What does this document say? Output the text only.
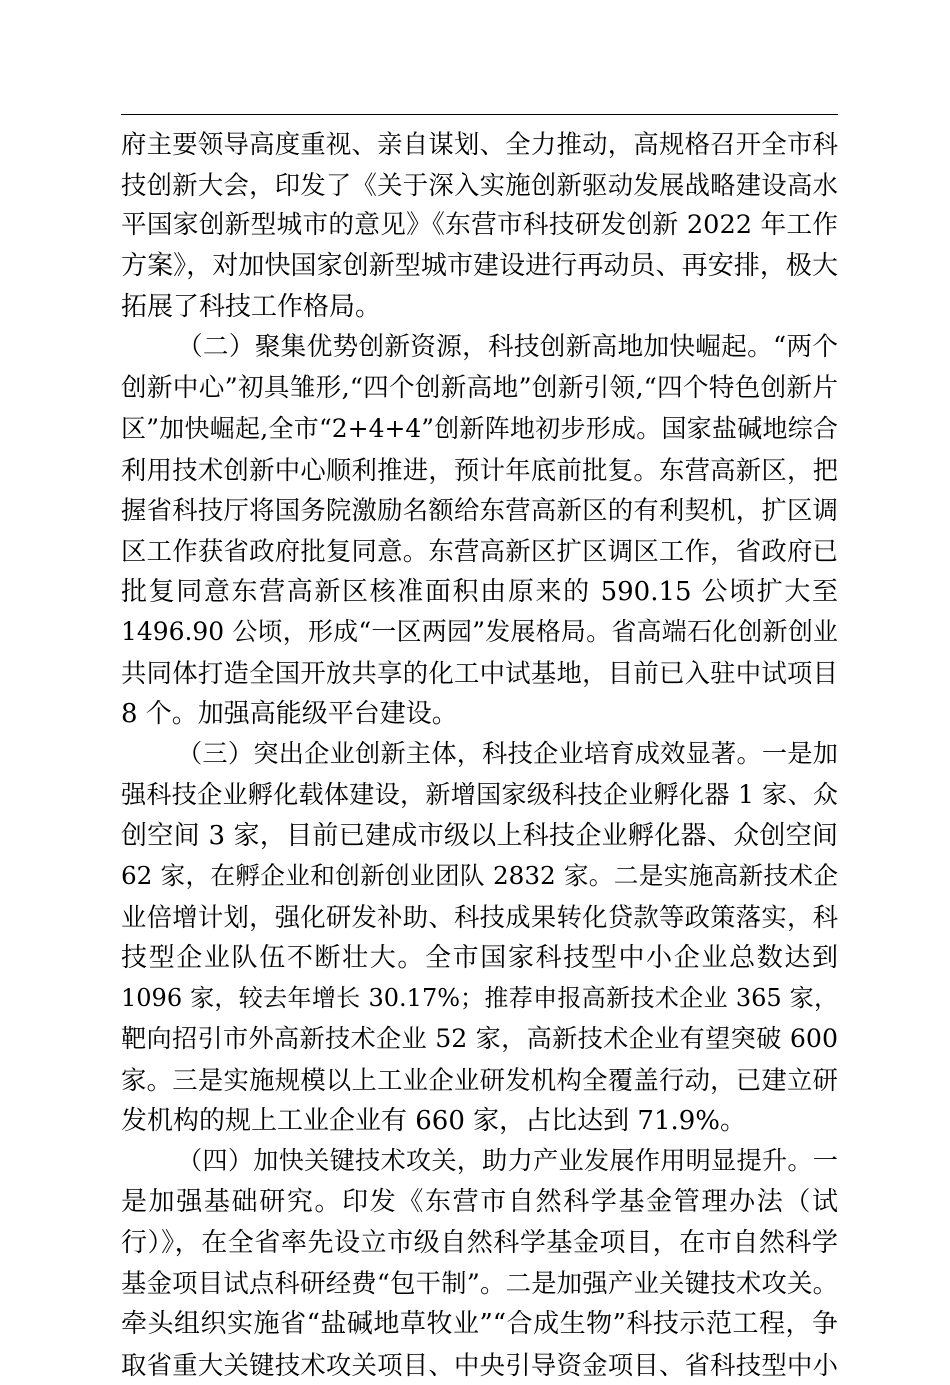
府主要领导高度重视、亲自谋划、全力推动，高规格召开全市科
技创新大会，印发了《关于深入实施创新驱动发展战略建设高水
平国家创新型城市的意见》《东营市科技研发创新 2022 年工作
方案》，对加快国家创新型城市建设进行再动员、再安排，极大
拓展了科技工作格局。
（二）聚集优势创新资源，科技创新高地加快崛起。“两个
创新中心”初具雏形,“四个创新高地”创新引领,“四个特色创新片
区”加快崛起,全市“2+4+4”创新阵地初步形成。国家盐碱地综合
利用技术创新中心顺利推进，预计年底前批复。东营高新区，把
握省科技厅将国务院激励名额给东营高新区的有利契机，扩区调
区工作获省政府批复同意。东营高新区扩区调区工作，省政府已
批复同意东营高新区核准面积由原来的 590.15 公顷扩大至
1496.90 公顷，形成“一区两园”发展格局。省高端石化创新创业
共同体打造全国开放共享的化工中试基地，目前已入驻中试项目
8 个。加强高能级平台建设。
（三）突出企业创新主体，科技企业培育成效显著。一是加
强科技企业孵化载体建设，新增国家级科技企业孵化器 1 家、众
创空间 3 家，目前已建成市级以上科技企业孵化器、众创空间
62 家，在孵企业和创新创业团队 2832 家。二是实施高新技术企
业倍增计划，强化研发补助、科技成果转化贷款等政策落实，科
技型企业队伍不断壮大。全市国家科技型中小企业总数达到
1096 家，较去年增长 30.17%；推荐申报高新技术企业 365 家，
靶向招引市外高新技术企业 52 家，高新技术企业有望突破 600
家。三是实施规模以上工业企业研发机构全覆盖行动，已建立研
发机构的规上工业企业有 660 家，占比达到 71.9%。
（四）加快关键技术攻关，助力产业发展作用明显提升。一
是加强基础研究。印发《东营市自然科学基金管理办法（试
行）》，在全省率先设立市级自然科学基金项目，在市自然科学
基金项目试点科研经费“包干制”。二是加强产业关键技术攻关。
牵头组织实施省“盐碱地草牧业”“合成生物”科技示范工程，争
取省重大关键技术攻关项目、中央引导资金项目、省科技型中小
